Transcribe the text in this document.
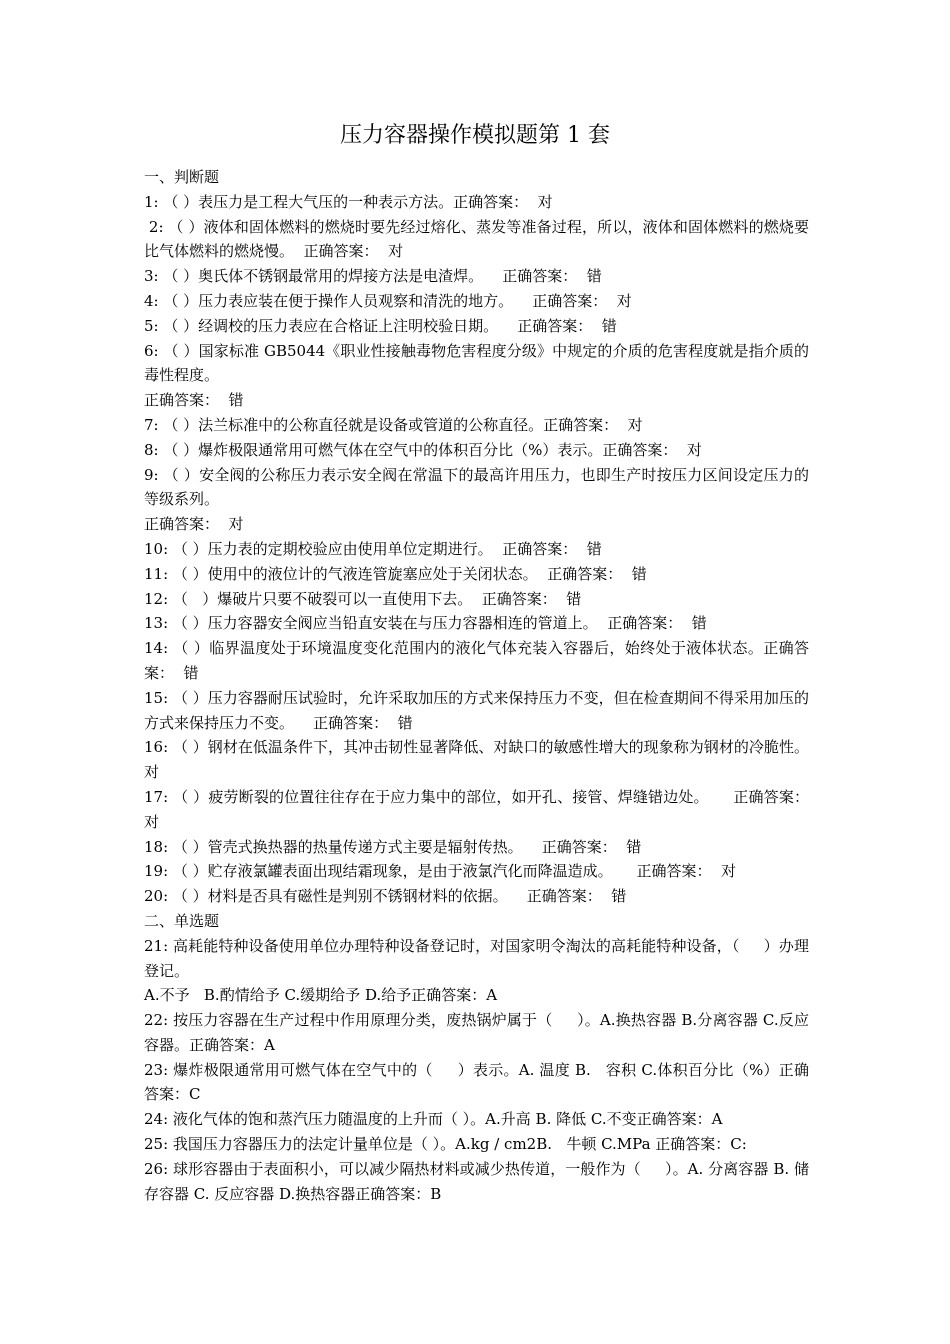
压力容器操作模拟题第 1 套
一、判断题
1: （ ）表压力是工程大气压的一种表示方法。正确答案：  对
2: （ ）液体和固体燃料的燃烧时要先经过熔化、蒸发等准备过程，所以，液体和固体燃料的燃烧要比气体燃料的燃烧慢。  正确答案：  对
3: （ ）奥氏体不锈钢最常用的焊接方法是电渣焊。    正确答案：  错
4: （ ）压力表应装在便于操作人员观察和清洗的地方。    正确答案：  对
5: （ ）经调校的压力表应在合格证上注明校验日期。    正确答案：  错
6: （ ）国家标准 GB5044《职业性接触毒物危害程度分级》中规定的介质的危害程度就是指介质的毒性程度。
正确答案：  错
7: （ ）法兰标准中的公称直径就是设备或管道的公称直径。正确答案：  对
8: （ ）爆炸极限通常用可燃气体在空气中的体积百分比（%）表示。正确答案：  对
9: （ ）安全阀的公称压力表示安全阀在常温下的最高许用压力，也即生产时按压力区间设定压力的等级系列。
正确答案：  对
10: （ ）压力表的定期校验应由使用单位定期进行。  正确答案：  错
11: （ ）使用中的液位计的气液连管旋塞应处于关闭状态。  正确答案：  错
12: （   ）爆破片只要不破裂可以一直使用下去。  正确答案：  错
13: （ ）压力容器安全阀应当铅直安装在与压力容器相连的管道上。  正确答案：  错
14: （ ）临界温度处于环境温度变化范围内的液化气体充装入容器后，始终处于液体状态。正确答案：  错
15: （ ）压力容器耐压试验时，允许采取加压的方式来保持压力不变，但在检查期间不得采用加压的方式来保持压力不变。    正确答案：  错
16: （ ）钢材在低温条件下，其冲击韧性显著降低、对缺口的敏感性增大的现象称为钢材的冷脆性。     对
17: （ ）疲劳断裂的位置往往存在于应力集中的部位，如开孔、接管、焊缝错边处。     正确答案：  对
18: （ ）管壳式换热器的热量传递方式主要是辐射传热。    正确答案：  错
19: （ ）贮存液氯罐表面出现结霜现象，是由于液氯汽化而降温造成。     正确答案：  对
20: （ ）材料是否具有磁性是判别不锈钢材料的依据。    正确答案：  错
二、单选题
21: 高耗能特种设备使用单位办理特种设备登记时，对国家明令淘汰的高耗能特种设备，（     ）办理登记。
A.不予   B.酌情给予 C.缓期给予 D.给予正确答案：A
22: 按压力容器在生产过程中作用原理分类，废热锅炉属于（     ）。A.换热容器 B.分离容器 C.反应容器。正确答案：A
23: 爆炸极限通常用可燃气体在空气中的（     ）表示。A. 温度 B.   容积 C.体积百分比（%）正确答案：C
24: 液化气体的饱和蒸汽压力随温度的上升而（ ）。A.升高 B. 降低 C.不变正确答案：A
25: 我国压力容器压力的法定计量单位是（ ）。A.kg / cm2B.   牛顿 C.MPa 正确答案：C:
26: 球形容器由于表面积小，可以减少隔热材料或减少热传道，一般作为（     ）。A. 分离容器 B. 储存容器 C. 反应容器 D.换热容器正确答案：B
